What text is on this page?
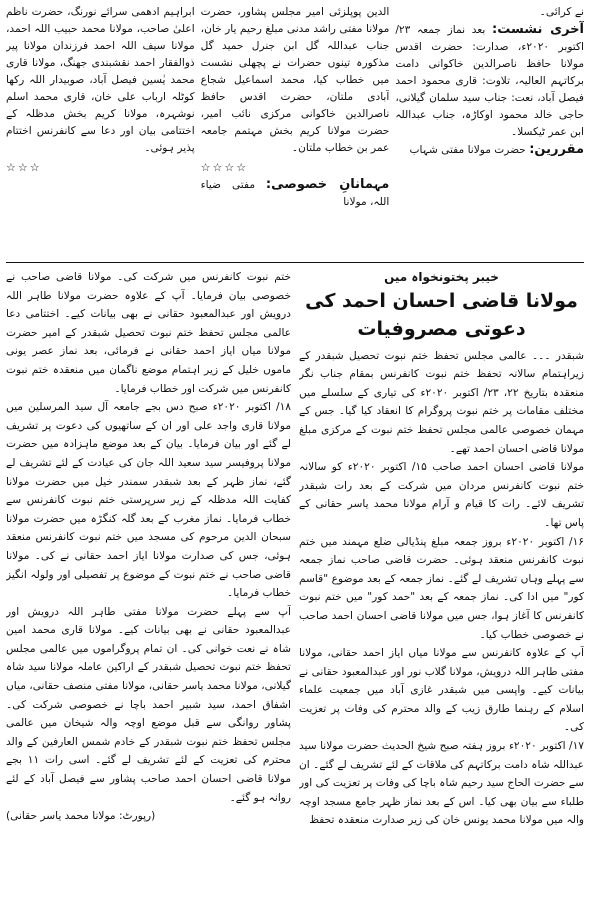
نے کرائی۔

آخری نشست: بعد نماز جمعہ ۲۳/ اکتوبر ۲۰۲۰ء، صدارت: حضرت اقدس مولانا حافظ ناصرالدین خاکوانی دامت برکاتہم العالیہ، تلاوت: قاری محمود احمد فیصل آباد، نعت: جناب سید سلمان گیلانی، حاجی خالد محمود اوکاڑہ، جناب عبداللہ ابن عمر ٹیکسلا۔

مقررین: حضرت مولانا مفتی شہاب

الدین پوپلزئی امیر مجلس پشاور، حضرت مولانا مفتی راشد مدنی مبلغ رحیم یار خان، جناب عبداللہ گل ابن جنرل حمید گل مذکورہ تینوں حضرات نے پچھلی نشست میں خطاب کیا، محمد اسماعیل شجاع آبادی ملتان، حضرت اقدس حافظ ناصرالدین خاکوانی مرکزی نائب امیر، حضرت مولانا کریم بخش مہتمم جامعہ عمر بن خطاب ملتان۔

☆☆☆☆

مہمانانِ خصوصی: مفتی ضیاء اللہ، مولانا

ابراہیم ادھمی سرائے نورنگ، حضرت ناظم اعلیٰ صاحب، مولانا محمد حبیب اللہ احمد، مولانا سیف اللہ احمد فرزندان مولانا پیر ذوالفقار احمد نقشبندی جھنگ، مولانا قاری محمد یٰسین فیصل آباد، صوبیدار اللہ رکھا کوٹلہ ارباب علی خان، قاری محمد اسلم نوشہرہ، مولانا کریم بخش مدظلہ کے اختتامی بیان اور دعا سے کانفرنس اختتام پذیر ہوئی۔

☆☆☆
خیبر پختونخواہ میں
مولانا قاضی احسان احمد کی دعوتی مصروفیات

شبقدر ۔۔۔ عالمی مجلس تحفظ ختم نبوت تحصیل شبقدر کے زیراہتمام سالانہ تحفظ ختم نبوت کانفرنس بمقام جناب نگر منعقدہ بتاریخ ۲۲، ۲۳/ اکتوبر ۲۰۲۰ء کی تیاری کے سلسلے میں مختلف مقامات پر ختم نبوت پروگرام کا انعقاد کیا گیا۔ جس کے مہمان خصوصی عالمی مجلس تحفظ ختم نبوت کے مرکزی مبلغ مولانا قاضی احسان احمد تھے۔

مولانا قاضی احسان احمد صاحب ۱۵/ اکتوبر ۲۰۲۰ء کو سالانہ ختم نبوت کانفرنس مردان میں شرکت کے بعد رات شبقدر تشریف لائے۔ رات کا قیام و آرام مولانا محمد یاسر حقانی کے پاس تھا۔

۱۶/ اکتوبر ۲۰۲۰ء بروز جمعہ مبلغ پنڈیالی ضلع مہمند میں ختم نبوت کانفرنس منعقد ہوئی۔ حضرت قاضی صاحب نماز جمعہ سے پہلے وہاں تشریف لے گئے۔ نماز جمعہ کے بعد موضوع "قاسم کور" میں ادا کی۔ نماز جمعہ کے بعد "حمد کور" میں ختم نبوت کانفرنس کا آغاز ہوا، جس میں مولانا قاضی احسان احمد صاحب نے خصوصی خطاب کیا۔

آپ کے علاوہ کانفرنس سے مولانا میاں ایاز احمد حقانی، مولانا مفتی طاہر اللہ درویش، مولانا گلاب نور اور عبدالمعبود حقانی نے بیانات کیے۔ واپسی میں شبقدر غازی آباد میں جمعیت علماء اسلام کے رہنما طارق زیب کے والد محترم کی وفات پر تعزیت کی۔

۱۷/ اکتوبر ۲۰۲۰ء بروز ہفتہ صبح شیخ الحدیث حضرت مولانا سید عبداللہ شاہ دامت برکاتہم کی ملاقات کے لئے تشریف لے گئے۔ ان سے حضرت الحاج سید رحیم شاہ باچا کی وفات پر تعزیت کی اور طلباء سے بیان بھی کیا۔ اس کے بعد نماز ظہر جامع مسجد اوچہ والہ میں مولانا محمد یونس خان کی زیر صدارت منعقدہ تحفظ

ختم نبوت کانفرنس میں شرکت کی۔ مولانا قاضی صاحب نے خصوصی بیان فرمایا۔ آپ کے علاوہ حضرت مولانا طاہر اللہ درویش اور عبدالمعبود حقانی نے بھی بیانات کیے۔ اختتامی دعا عالمی مجلس تحفظ ختم نبوت تحصیل شبقدر کے امیر حضرت مولانا میاں ایاز احمد حقانی نے فرمائی، بعد نماز عصر یونی ماموں خلیل کے زیر اہتمام موضع ناگمان میں منعقدہ ختم نبوت کانفرنس میں شرکت اور خطاب فرمایا۔

۱۸/ اکتوبر ۲۰۲۰ء صبح دس بجے جامعہ آل سید المرسلین میں مولانا قاری واجد علی اور ان کے ساتھیوں کی دعوت پر تشریف لے گئے اور بیان فرمایا۔ بیان کے بعد موضع ماہزادہ میں حضرت مولانا پروفیسر سید سعید اللہ جان کی عیادت کے لئے تشریف لے گئے، نماز ظہر کے بعد شبقدر سمندر خیل میں حضرت مولانا کفایت اللہ مدظلہ کے زیر سرپرستی ختم نبوت کانفرنس سے خطاب فرمایا۔ نماز مغرب کے بعد گلہ کنگڑہ میں حضرت مولانا سبحان الدین مرحوم کی مسجد میں ختم نبوت کانفرنس منعقد ہوئی، جس کی صدارت مولانا ایاز احمد حقانی نے کی۔ مولانا قاضی صاحب نے ختم نبوت کے موضوع پر تفصیلی اور ولولہ انگیز خطاب فرمایا۔

آپ سے پہلے حضرت مولانا مفتی طاہر اللہ درویش اور عبدالمعبود حقانی نے بھی بیانات کیے۔ مولانا قاری محمد امین شاہ نے نعت خوانی کی۔ ان تمام پروگراموں میں عالمی مجلس تحفظ ختم نبوت تحصیل شبقدر کے اراکین عاملہ مولانا سید شاہ گیلانی، مولانا محمد یاسر حقانی، مولانا مفتی منصف حقانی، میاں اشفاق احمد، سید شبیر احمد باچا نے خصوصی شرکت کی۔ پشاور روانگی سے قبل موضع اوچہ والہ شیخان میں عالمی مجلس تحفظ ختم نبوت شبقدر کے خادم شمس العارفین کے والد محترم کی تعزیت کے لئے تشریف لے گئے۔ اسی رات ۱۱ بجے مولانا قاضی احسان احمد صاحب پشاور سے فیصل آباد کے لئے روانہ ہو گئے۔

(رپورٹ: مولانا محمد یاسر حقانی)
